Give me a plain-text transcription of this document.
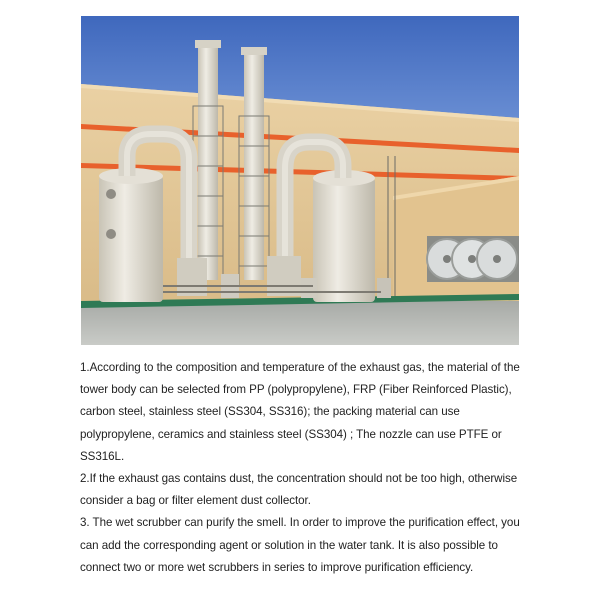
1.According to the composition and temperature of the exhaust gas, the material of the tower body can be selected from PP (polypropylene), FRP (Fiber Reinforced Plastic), carbon steel, stainless steel (SS304, SS316); the packing material can use polypropylene, ceramics and stainless steel (SS304) ; The nozzle can use PTFE or SS316L.

2.If the exhaust gas contains dust, the concentration should not be too high, otherwise consider a bag or filter element dust collector.

3. The wet scrubber can purify the smell. In order to improve the purification effect, you can add the corresponding agent or solution in the water tank. It is also possible to connect two or more wet scrubbers in series to improve purification efficiency.
